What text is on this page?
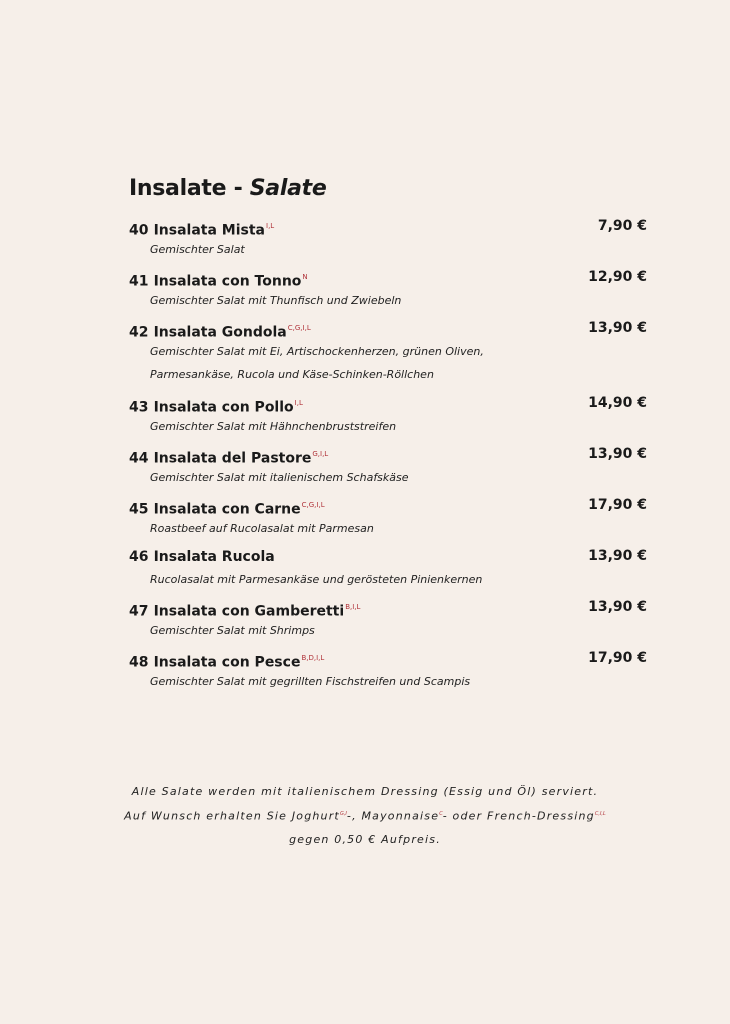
Insalate - Salate
40 Insalata Mista$^{I,L}$	7,90 €
Gemischter Salat
41 Insalata con Tonno$^N$	12,90 €
Gemischter Salat mit Thunfisch und Zwiebeln
42 Insalata Gondola$^{C,G,I,L}$	13,90 €
Gemischter Salat mit Ei, Artischockenherzen, grünen Oliven,
Parmesankäse, Rucola und Käse-Schinken-Röllchen
43 Insalata con Pollo$^{I,L}$	14,90 €
Gemischter Salat mit Hähnchenbruststreifen
44 Insalata del Pastore$^{G,I,L}$	13,90 €
Gemischter Salat mit italienischem Schafskäse
45 Insalata con Carne$^{C,G,I,L}$	17,90 €
Roastbeef auf Rucolasalat mit Parmesan
46 Insalata Rucola	13,90 €
Rucolasalat mit Parmesankäse und gerösteten Pinienkernen
47 Insalata con Gamberetti$^{B,I,L}$	13,90 €
Gemischter Salat mit Shrimps
48 Insalata con Pesce$^{B,D,I,L}$	17,90 €
Gemischter Salat mit gegrillten Fischstreifen und Scampis

Alle Salate werden mit italienischem Dressing (Essig und Öl) serviert.

Auf Wunsch erhalten Sie Joghurt$^{G,I}$-, Mayonnaise$^C$- oder French-Dressing$^{C,I,L}$

gegen 0,50 € Aufpreis.
